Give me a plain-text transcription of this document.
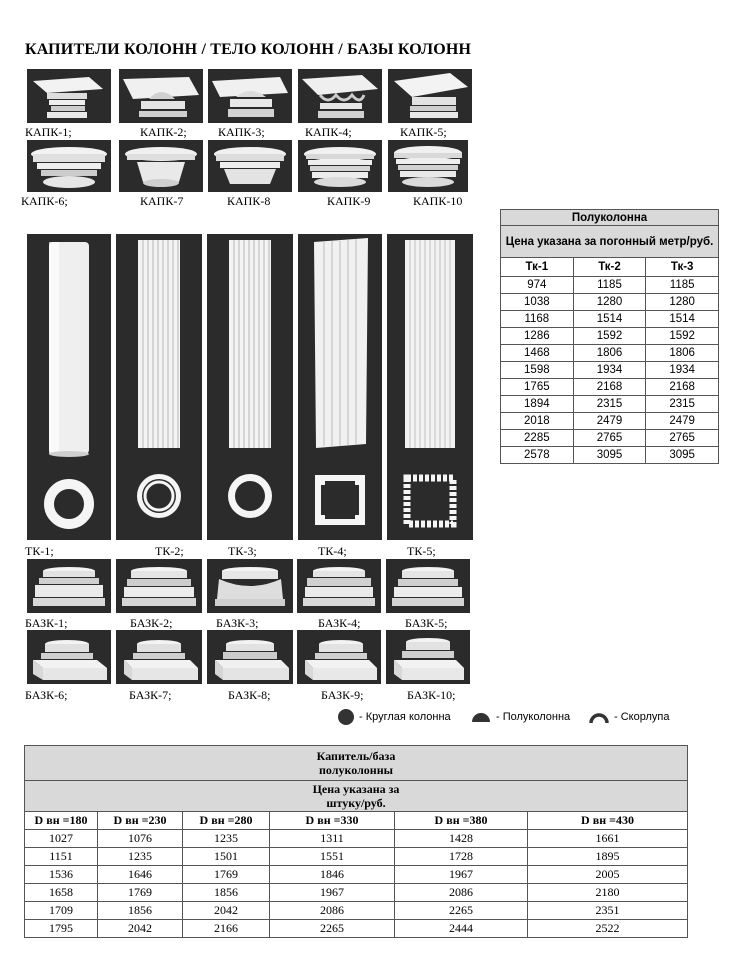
КАПИТЕЛИ КОЛОНН / ТЕЛО КОЛОНН / БАЗЫ КОЛОНН
КАПК-1;	КАПК-2;	КАПК-3;	КАПК-4;	КАПК-5;
КАПК-6;	КАПК-7	КАПК-8	КАПК-9	КАПК-10
ТК-1;	ТК-2;	ТК-3;	ТК-4;	ТК-5;
БАЗК-1;	БАЗК-2;	БАЗК-3;	БАЗК-4;	БАЗК-5;
БАЗК-6;	БАЗК-7;	БАЗК-8;	БАЗК-9;	БАЗК-10;
- Круглая колонна	- Полуколонна	- Скорлупа
Полуколонна		
Цена указана за погонный метр/руб.		
Тк-1	Тк-2	Тк-3
974	1185	1185
1038	1280	1280
1168	1514	1514
1286	1592	1592
1468	1806	1806
1598	1934	1934
1765	2168	2168
1894	2315	2315
2018	2479	2479
2285	2765	2765
2578	3095	3095
Капитель/база
полуколонны					

Цена указана за
штуку/руб.					

D вн =180	D вн =230	D вн =280	D вн =330	D вн =380	D вн =430
1027	1076	1235	1311	1428	1661
1151	1235	1501	1551	1728	1895
1536	1646	1769	1846	1967	2005
1658	1769	1856	1967	2086	2180
1709	1856	2042	2086	2265	2351
1795	2042	2166	2265	2444	2522
